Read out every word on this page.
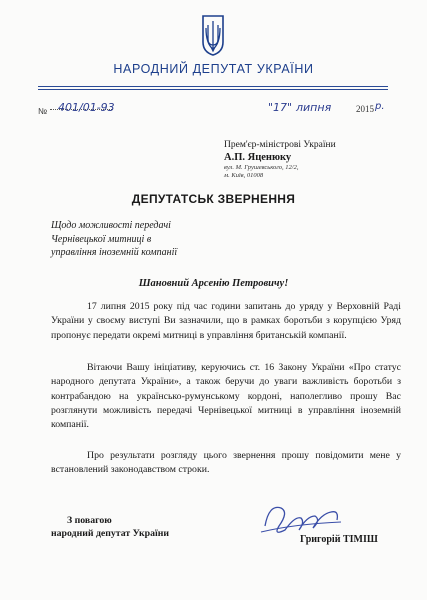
НАРОДНИЙ ДЕПУТАТ УКРАЇНИ
№ 401/01-93	"17" липня	2015 р.
Прем'єр-міністрові України
А.П. Яценюку
вул. М. Грушевського, 12/2,
м. Київ, 01008
ДЕПУТАТСЬК ЗВЕРНЕННЯ
Щодо можливості передачі
Чернівецької митниці в
управління іноземній компанії
Шановний Арсенію Петровичу!
17 липня 2015 року під час години запитань до уряду у Верховній Раді України у своєму виступі Ви зазначили, що в рамках боротьби з корупцією Уряд пропонує передати окремі митниці в управління британській компанії.
Вітаючи Вашу ініціативу, керуючись ст. 16 Закону України «Про статус народного депутата України», а також беручи до уваги важливість боротьби з контрабандою на українсько-румунському кордоні, наполегливо прошу Вас розглянути можливість передачі Чернівецької митниці в управління іноземній компанії.
Про результати розгляду цього звернення прошу повідомити мене у встановлений законодавством строки.
З повагою
народний депутат України
Григорій ТІМІШ
